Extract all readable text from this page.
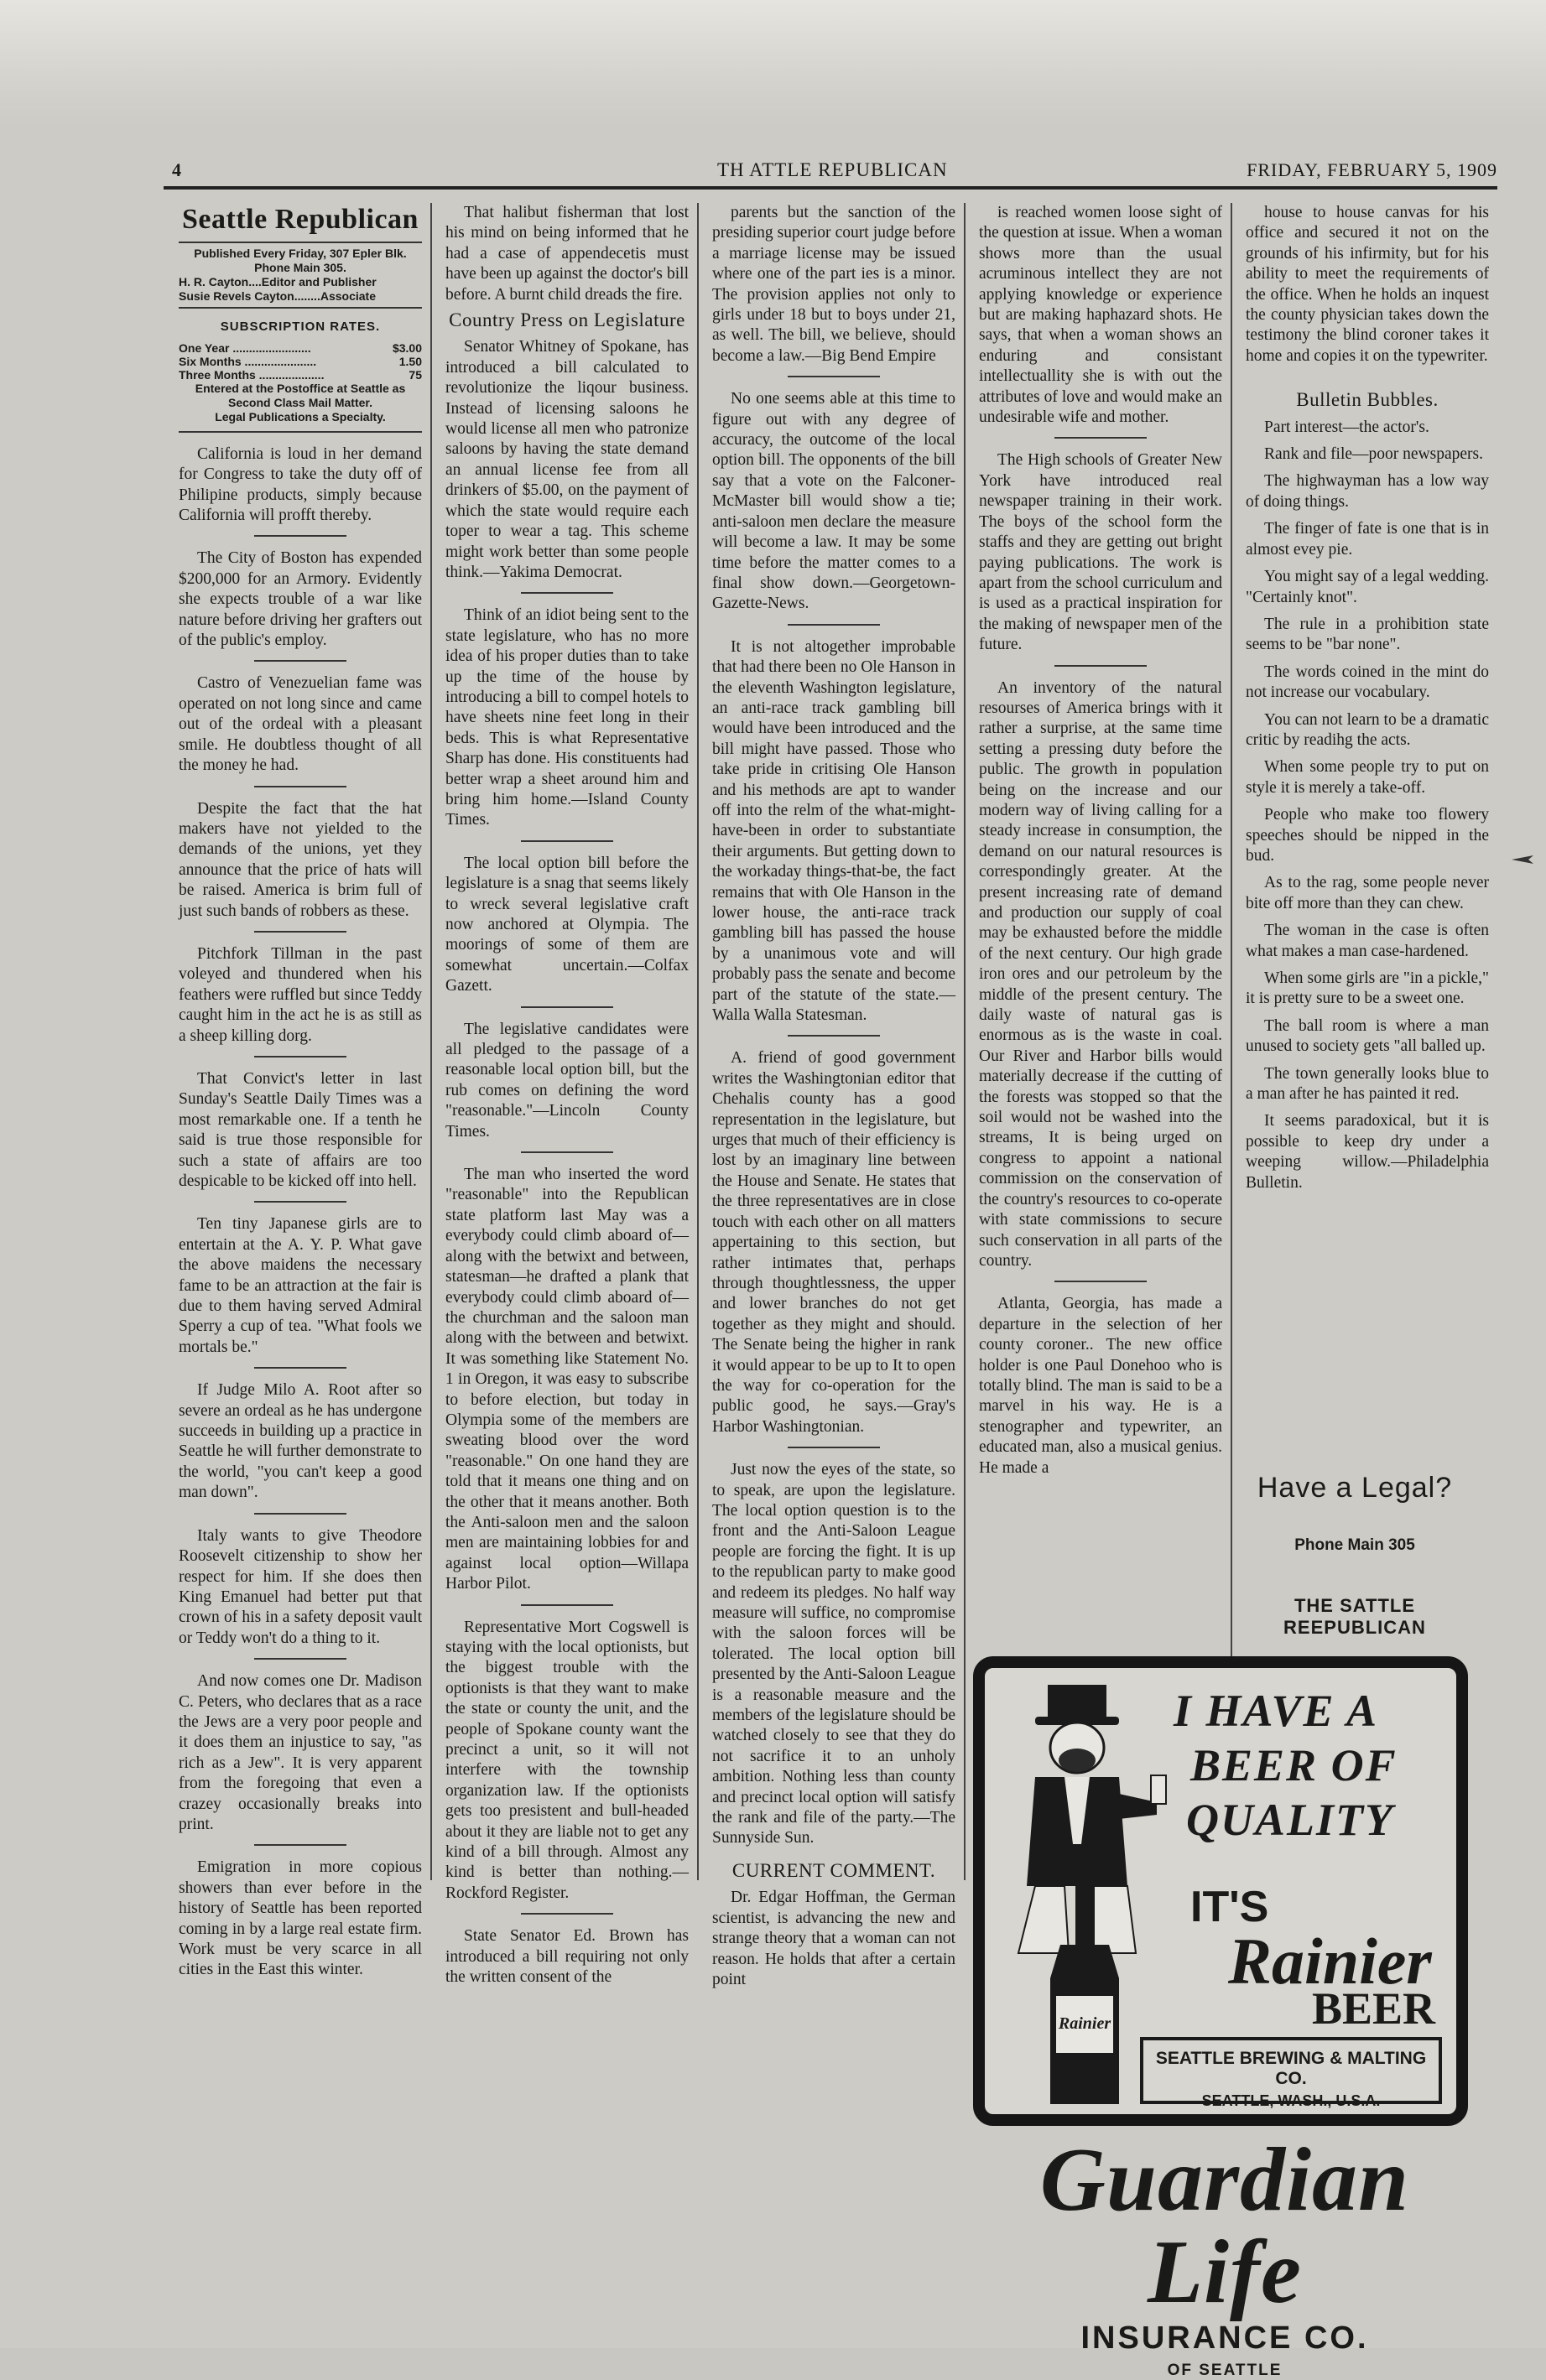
4	TH ATTLE REPUBLICAN	FRIDAY, FEBRUARY 5, 1909
Seattle Republican
Published Every Friday, 307 Epler Blk.
Phone Main 305.
H. R. Cayton....Editor and Publisher
Susie Revels Cayton........Associate
SUBSCRIPTION RATES.
One Year ........................	$3.00
Six Months ......................	1.50
Three Months ....................	75
Entered at the Postoffice at Seattle as
Second Class Mail Matter.
Legal Publications a Specialty.

California is loud in her demand for Congress to take the duty off of Philipine products, simply because California will profft thereby.

The City of Boston has expended $200,000 for an Armory. Evidently she expects trouble of a war like nature before driving her grafters out of the public's employ.

Castro of Venezuelian fame was operated on not long since and came out of the ordeal with a pleasant smile. He doubtless thought of all the money he had.

Despite the fact that the hat makers have not yielded to the demands of the unions, yet they announce that the price of hats will be raised. America is brim full of just such bands of robbers as these.

Pitchfork Tillman in the past voleyed and thundered when his feathers were ruffled but since Teddy caught him in the act he is as still as a sheep killing dorg.

That Convict's letter in last Sunday's Seattle Daily Times was a most remarkable one. If a tenth he said is true those responsible for such a state of affairs are too despicable to be kicked off into hell.

Ten tiny Japanese girls are to entertain at the A. Y. P. What gave the above maidens the necessary fame to be an attraction at the fair is due to them having served Admiral Sperry a cup of tea. "What fools we mortals be."

If Judge Milo A. Root after so severe an ordeal as he has undergone succeeds in building up a practice in Seattle he will further demonstrate to the world, "you can't keep a good man down".

Italy wants to give Theodore Roosevelt citizenship to show her respect for him. If she does then King Emanuel had better put that crown of his in a safety deposit vault or Teddy won't do a thing to it.

And now comes one Dr. Madison C. Peters, who declares that as a race the Jews are a very poor people and it does them an injustice to say, "as rich as a Jew". It is very apparent from the foregoing that even a crazey occasionally breaks into print.

Emigration in more copious showers than ever before in the history of Seattle has been reported coming in by a large real estate firm. Work must be very scarce in all cities in the East this winter.

That halibut fisherman that lost his mind on being informed that he had a case of appendecetis must have been up against the doctor's bill before. A burnt child dreads the fire.

Country Press on Legislature

Senator Whitney of Spokane, has introduced a bill calculated to revolutionize the liqour business. Instead of licensing saloons he would license all men who patronize saloons by having the state demand an annual license fee from all drinkers of $5.00, on the payment of which the state would require each toper to wear a tag. This scheme might work better than some people think.—Yakima Democrat.

Think of an idiot being sent to the state legislature, who has no more idea of his proper duties than to take up the time of the house by introducing a bill to compel hotels to have sheets nine feet long in their beds. This is what Representative Sharp has done. His constituents had better wrap a sheet around him and bring him home.—Island County Times.

The local option bill before the legislature is a snag that seems likely to wreck several legislative craft now anchored at Olympia. The moorings of some of them are somewhat uncertain.—Colfax Gazett.

The legislative candidates were all pledged to the passage of a reasonable local option bill, but the rub comes on defining the word "reasonable."—Lincoln County Times.

The man who inserted the word "reasonable" into the Republican state platform last May was a everybody could climb aboard of—along with the betwixt and between, statesman—he drafted a plank that everybody could climb aboard of—the churchman and the saloon man along with the between and betwixt. It was something like Statement No. 1 in Oregon, it was easy to subscribe to before election, but today in Olympia some of the members are sweating blood over the word "reasonable." On one hand they are told that it means one thing and on the other that it means another. Both the Anti-saloon men and the saloon men are maintaining lobbies for and against local option—Willapa Harbor Pilot.

Representative Mort Cogswell is staying with the local optionists, but the biggest trouble with the optionists is that they want to make the state or county the unit, and the people of Spokane county want the precinct a unit, so it will not interfere with the township organization law. If the optionists gets too presistent and bull-headed about it they are liable not to get any kind of a bill through. Almost any kind is better than nothing.—Rockford Register.

State Senator Ed. Brown has introduced a bill requiring not only the written consent of the

parents but the sanction of the presiding superior court judge before a marriage license may be issued where one of the part ies is a minor. The provision applies not only to girls under 18 but to boys under 21, as well. The bill, we believe, should become a law.—Big Bend Empire

No one seems able at this time to figure out with any degree of accuracy, the outcome of the local option bill. The opponents of the bill say that a vote on the Falconer-McMaster bill would show a tie; anti-saloon men declare the measure will become a law. It may be some time before the matter comes to a final show down.—Georgetown-Gazette-News.

It is not altogether improbable that had there been no Ole Hanson in the eleventh Washington legislature, an anti-race track gambling bill would have been introduced and the bill might have passed. Those who take pride in critising Ole Hanson and his methods are apt to wander off into the relm of the what-might-have-been in order to substantiate their arguments. But getting down to the workaday things-that-be, the fact remains that with Ole Hanson in the lower house, the anti-race track gambling bill has passed the house by a unanimous vote and will probably pass the senate and become part of the statute of the state.—Walla Walla Statesman.

A. friend of good government writes the Washingtonian editor that Chehalis county has a good representation in the legislature, but urges that much of their efficiency is lost by an imaginary line between the House and Senate. He states that the three representatives are in close touch with each other on all matters appertaining to this section, but rather intimates that, perhaps through thoughtlessness, the upper and lower branches do not get together as they might and should. The Senate being the higher in rank it would appear to be up to It to open the way for co-operation for the public good, he says.—Gray's Harbor Washingtonian.

Just now the eyes of the state, so to speak, are upon the legislature. The local option question is to the front and the Anti-Saloon League people are forcing the fight. It is up to the republican party to make good and redeem its pledges. No half way measure will suffice, no compromise with the saloon forces will be tolerated. The local option bill presented by the Anti-Saloon League is a reasonable measure and the members of the legislature should be watched closely to see that they do not sacrifice it to an unholy ambition. Nothing less than county and precinct local option will satisfy the rank and file of the party.—The Sunnyside Sun.

CURRENT COMMENT.

Dr. Edgar Hoffman, the German scientist, is advancing the new and strange theory that a woman can not reason. He holds that after a certain point

is reached women loose sight of the question at issue. When a woman shows more than the usual acruminous intellect they are not applying knowledge or experience but are making haphazard shots. He says, that when a woman shows an enduring and consistant intellectuallity she is with out the attributes of love and would make an undesirable wife and mother.

The High schools of Greater New York have introduced real newspaper training in their work. The boys of the school form the staffs and they are getting out bright paying publications. The work is apart from the school curriculum and is used as a practical inspiration for the making of newspaper men of the future.

An inventory of the natural resourses of America brings with it rather a surprise, at the same time setting a pressing duty before the public. The growth in population being on the increase and our modern way of living calling for a steady increase in consumption, the demand on our natural resources is correspondingly greater. At the present increasing rate of demand and production our supply of coal may be exhausted before the middle of the next century. Our high grade iron ores and our petroleum by the middle of the present century. The daily waste of natural gas is enormous as is the waste in coal. Our River and Harbor bills would materially decrease if the cutting of the forests was stopped so that the soil would not be washed into the streams, It is being urged on congress to appoint a national commission on the conservation of the country's resources to co-operate with state commissions to secure such conservation in all parts of the country.

Atlanta, Georgia, has made a departure in the selection of her county coroner.. The new office holder is one Paul Donehoo who is totally blind. The man is said to be a marvel in his way. He is a stenographer and typewriter, an educated man, also a musical genius. He made a

house to house canvas for his office and secured it not on the grounds of his infirmity, but for his ability to meet the requirements of the office. When he holds an inquest the county physician takes down the testimony the blind coroner takes it home and copies it on the typewriter.

Bulletin Bubbles.

Part interest—the actor's.

Rank and file—poor newspapers.

The highwayman has a low way of doing things.

The finger of fate is one that is in almost evey pie.

You might say of a legal wedding. "Certainly knot".

The rule in a prohibition state seems to be "bar none".

The words coined in the mint do not increase our vocabulary.

You can not learn to be a dramatic critic by readihg the acts.

When some people try to put on style it is merely a take-off.

People who make too flowery speeches should be nipped in the bud.

As to the rag, some people never bite off more than they can chew.

The woman in the case is often what makes a man case-hardened.

When some girls are "in a pickle," it is pretty sure to be a sweet one.

The ball room is where a man unused to society gets "all balled up.

The town generally looks blue to a man after he has painted it red.

It seems paradoxical, but it is possible to keep dry under a weeping willow.—Philadelphia Bulletin.

Have a Legal?
Phone Main 305
THE SATTLE REEPUBLICAN
Rainier
I HAVE A
BEER OF
QUALITY
IT'S
Rainier
BEER
SEATTLE BREWING & MALTING CO.
SEATTLE, WASH., U.S.A.
Guardian Life
INSURANCE CO.
OF SEATTLE
